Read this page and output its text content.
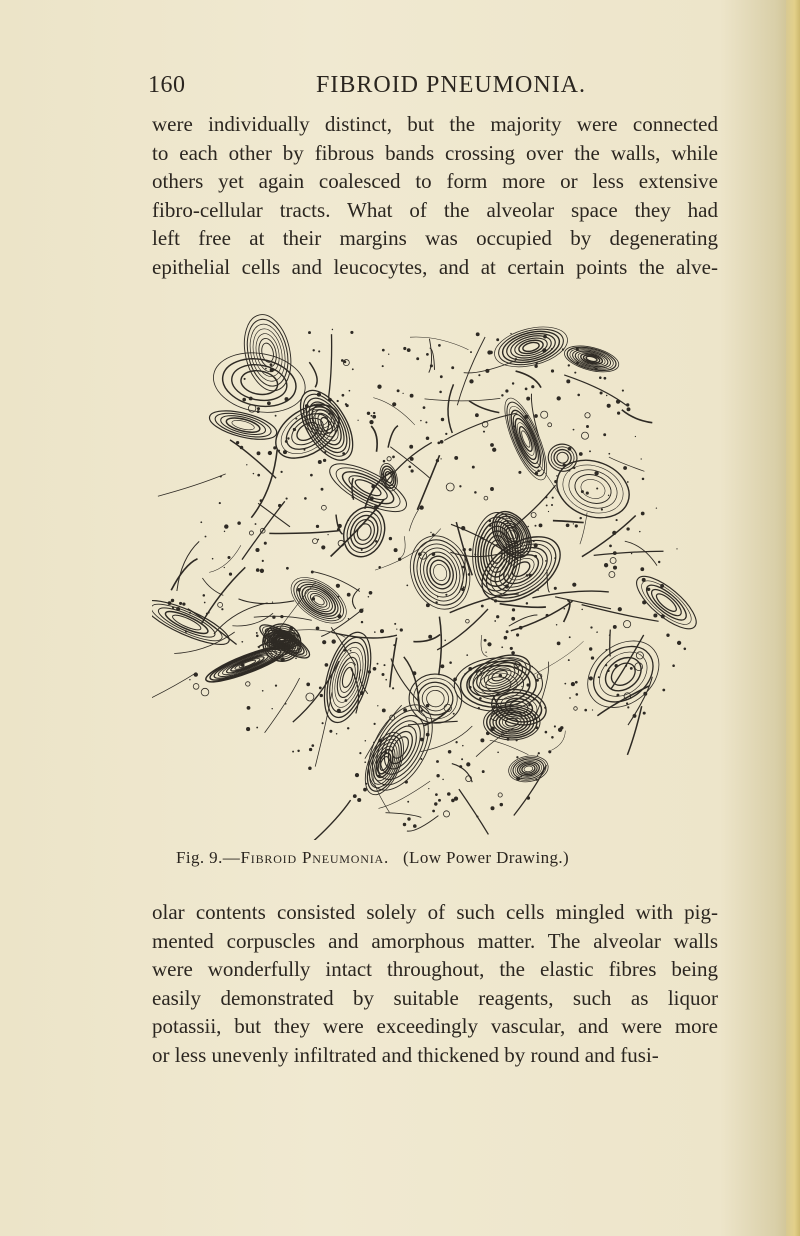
160	FIBROID PNEUMONIA.
were individually distinct, but the majority were connected
to each other by fibrous bands crossing over the walls, while
others yet again coalesced to form more or less extensive
fibro-cellular tracts. What of the alveolar space they had
left free at their margins was occupied by degenerating
epithelial cells and leucocytes, and at certain points the alve-
Fig. 9.—Fibroid Pneumonia. (Low Power Drawing.)
olar contents consisted solely of such cells mingled with pig-
mented corpuscles and amorphous matter. The alveolar walls
were wonderfully intact throughout, the elastic fibres being
easily demonstrated by suitable reagents, such as liquor
potassii, but they were exceedingly vascular, and were more
or less unevenly infiltrated and thickened by round and fusi-
